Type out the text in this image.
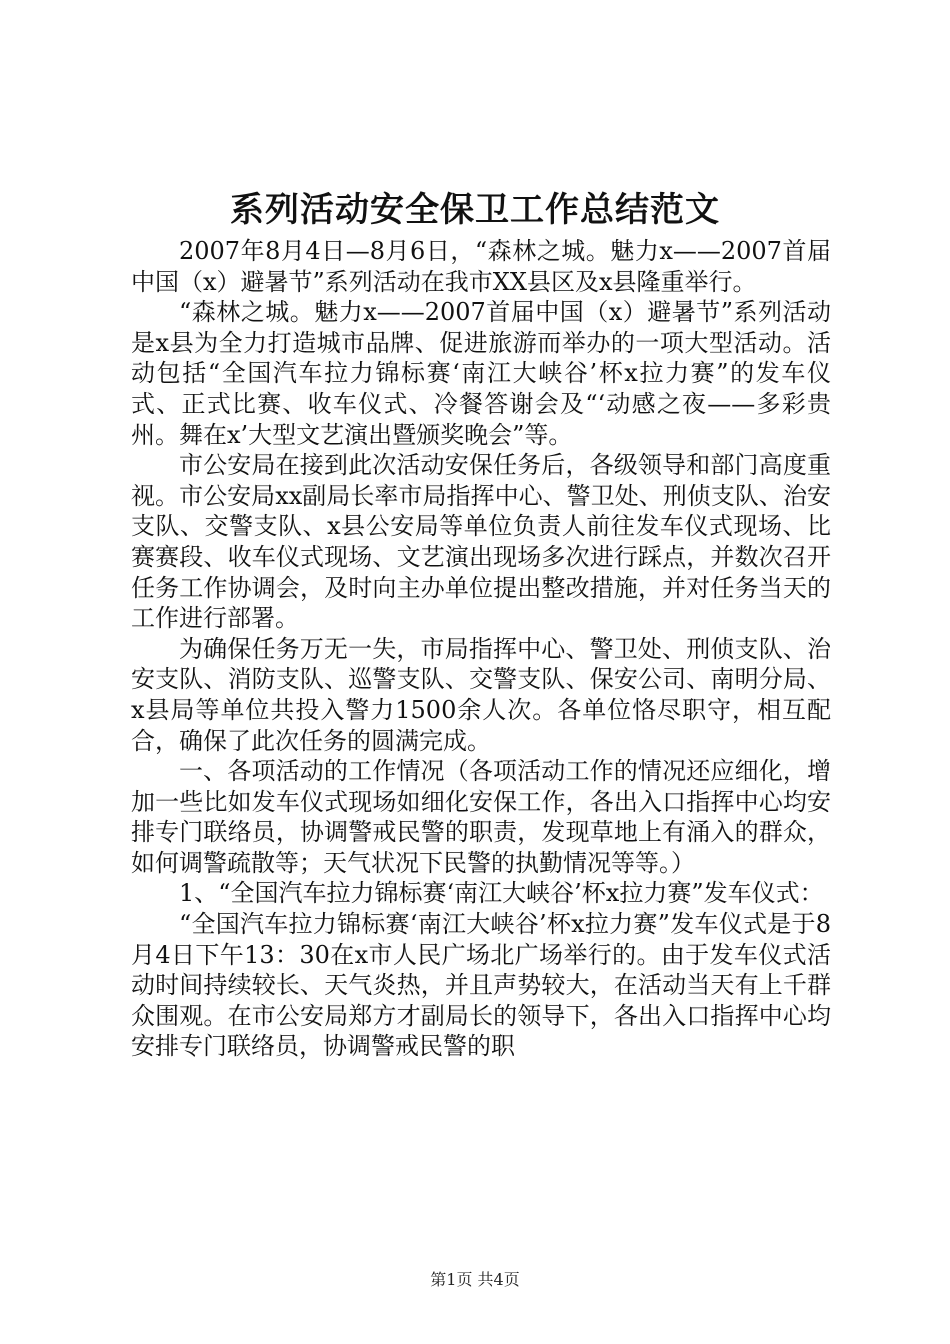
系列活动安全保卫工作总结范文

2007年8月4日—8月6日，“森林之城。魅力x——2007首届中国（x）避暑节”系列活动在我市XX县区及x县隆重举行。

“森林之城。魅力x——2007首届中国（x）避暑节”系列活动是x县为全力打造城市品牌、促进旅游而举办的一项大型活动。活动包括“全国汽车拉力锦标赛‘南江大峡谷’杯x拉力赛”的发车仪式、正式比赛、收车仪式、冷餐答谢会及“‘动感之夜——多彩贵州。舞在x’大型文艺演出暨颁奖晚会”等。

市公安局在接到此次活动安保任务后，各级领导和部门高度重视。市公安局xx副局长率市局指挥中心、警卫处、刑侦支队、治安支队、交警支队、x县公安局等单位负责人前往发车仪式现场、比赛赛段、收车仪式现场、文艺演出现场多次进行踩点，并数次召开任务工作协调会，及时向主办单位提出整改措施，并对任务当天的工作进行部署。

为确保任务万无一失，市局指挥中心、警卫处、刑侦支队、治安支队、消防支队、巡警支队、交警支队、保安公司、南明分局、x县局等单位共投入警力1500余人次。各单位恪尽职守，相互配合，确保了此次任务的圆满完成。

一、各项活动的工作情况（各项活动工作的情况还应细化，增加一些比如发车仪式现场如细化安保工作，各出入口指挥中心均安排专门联络员，协调警戒民警的职责，发现草地上有涌入的群众，如何调警疏散等；天气状况下民警的执勤情况等等。）

1、“全国汽车拉力锦标赛‘南江大峡谷’杯x拉力赛”发车仪式：

“全国汽车拉力锦标赛‘南江大峡谷’杯x拉力赛”发车仪式是于8月4日下午13：30在x市人民广场北广场举行的。由于发车仪式活动时间持续较长、天气炎热，并且声势较大，在活动当天有上千群众围观。在市公安局郑方才副局长的领导下，各出入口指挥中心均安排专门联络员，协调警戒民警的职

第1页 共4页
